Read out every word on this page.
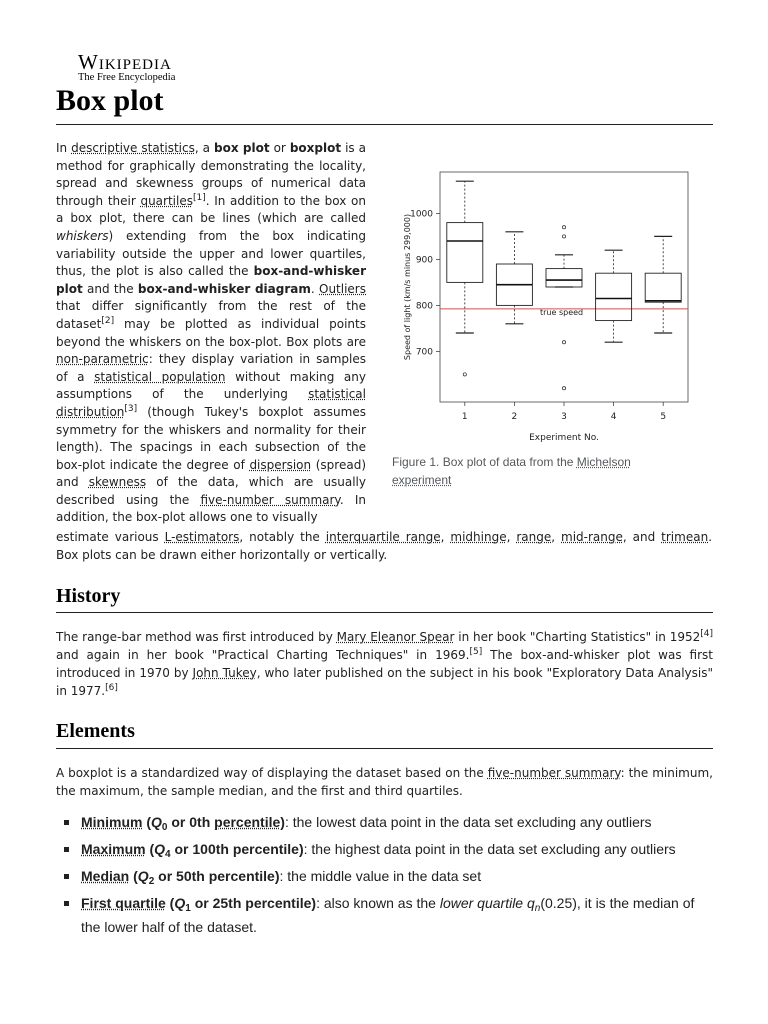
Wikipedia
The Free Encyclopedia
Box plot

In descriptive statistics, a box plot or boxplot is a method for graphically demonstrating the locality, spread and skewness groups of numerical data through their quartiles[1]. In addition to the box on a box plot, there can be lines (which are called whiskers) extending from the box indicating variability outside the upper and lower quartiles, thus, the plot is also called the box-and-whisker plot and the box-and-whisker diagram. Outliers that differ significantly from the rest of the dataset[2] may be plotted as individual points beyond the whiskers on the box-plot. Box plots are non-parametric: they display variation in samples of a statistical population without making any assumptions of the underlying statistical distribution[3] (though Tukey's boxplot assumes symmetry for the whiskers and normality for their length). The spacings in each subsection of the box-plot indicate the degree of dispersion (spread) and skewness of the data, which are usually described using the five-number summary. In addition, the box-plot allows one to visually

700
800
900
1000
1	2	3	4	5
Experiment No.
Speed of light (km/s minus 299,000)	true speed
Figure 1. Box plot of data from the Michelson experiment

estimate various L-estimators, notably the interquartile range, midhinge, range, mid-range, and trimean. Box plots can be drawn either horizontally or vertically.

History

The range-bar method was first introduced by Mary Eleanor Spear in her book "Charting Statistics" in 1952[4] and again in her book "Practical Charting Techniques" in 1969.[5] The box-and-whisker plot was first introduced in 1970 by John Tukey, who later published on the subject in his book "Exploratory Data Analysis" in 1977.[6]

Elements

A boxplot is a standardized way of displaying the dataset based on the five-number summary: the minimum, the maximum, the sample median, and the first and third quartiles.

Minimum ($Q_0$ or 0th percentile): the lowest data point in the data set excluding any outliers
Maximum ($Q_4$ or 100th percentile): the highest data point in the data set excluding any outliers
Median ($Q_2$ or 50th percentile): the middle value in the data set
First quartile ($Q_1$ or 25th percentile): also known as the lower quartile $q_n(0.25)$, it is the median of the lower half of the dataset.
